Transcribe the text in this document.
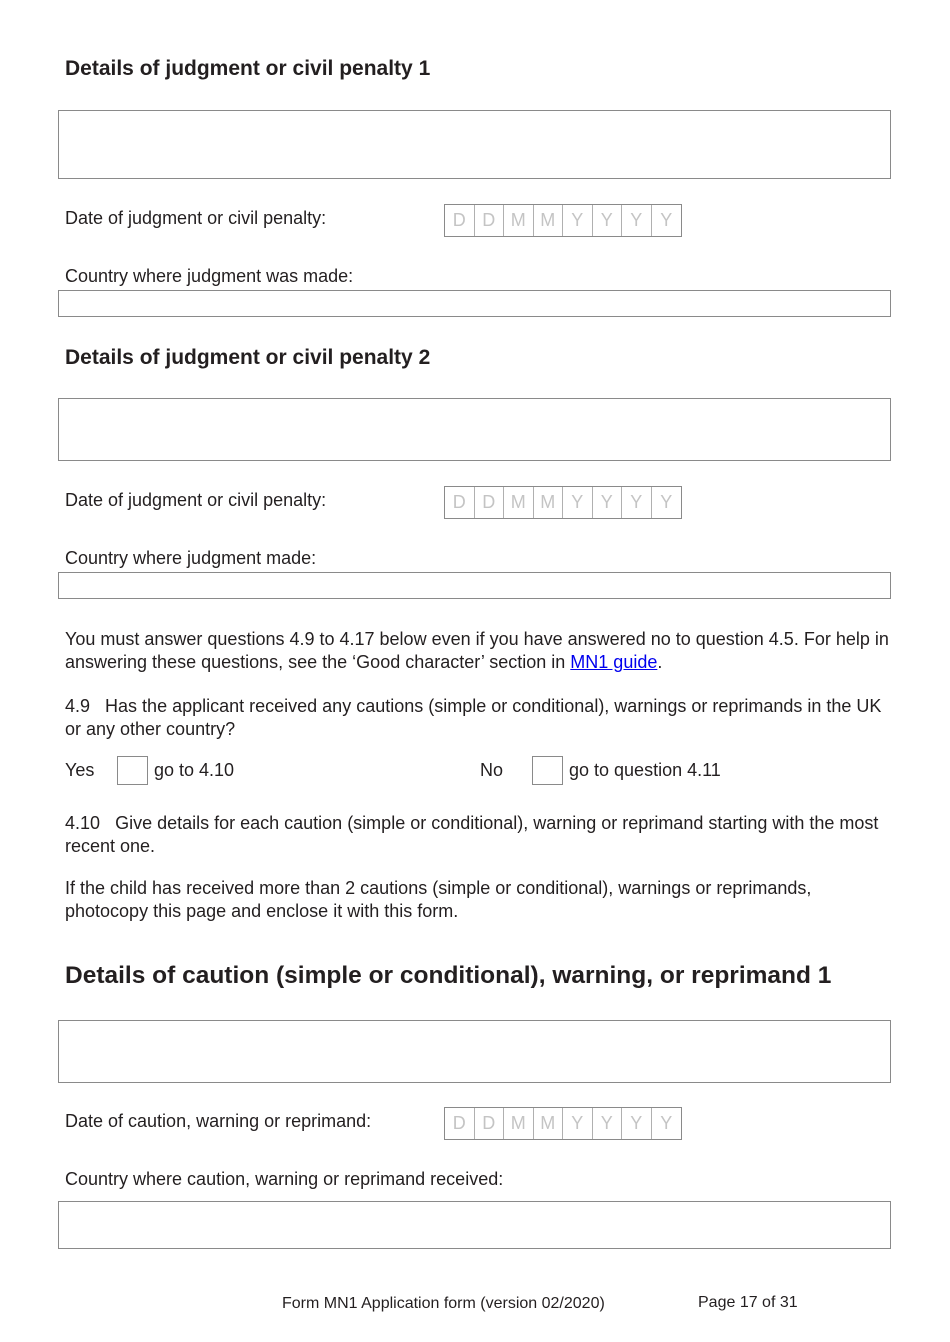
Details of judgment or civil penalty 1
Date of judgment or civil penalty:	D D M M Y Y Y Y
Country where judgment was made:
Details of judgment or civil penalty 2
Date of judgment or civil penalty:	D D M M Y Y Y Y
Country where judgment made:
You must answer questions 4.9 to 4.17 below even if you have answered no to question 4.5. For help in answering these questions, see the ‘Good character’ section in MN1 guide.
4.9 Has the applicant received any cautions (simple or conditional), warnings or reprimands in the UK or any other country?
Yes	go to 4.10	No	go to question 4.11
4.10 Give details for each caution (simple or conditional), warning or reprimand starting with the most recent one.
If the child has received more than 2 cautions (simple or conditional), warnings or reprimands, photocopy this page and enclose it with this form.
Details of caution (simple or conditional), warning, or reprimand 1
Date of caution, warning or reprimand:	D D M M Y Y Y Y
Country where caution, warning or reprimand received:
Form MN1 Application form (version 02/2020)	Page 17 of 31
